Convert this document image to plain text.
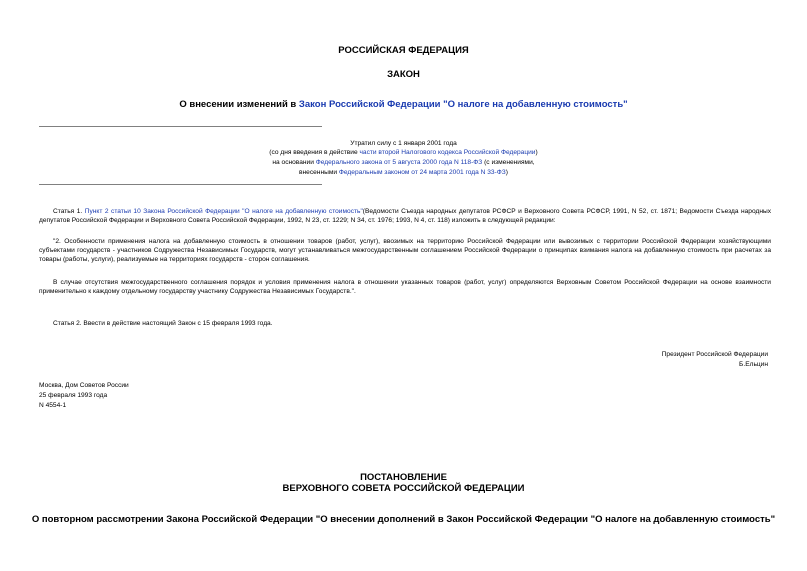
РОССИЙСКАЯ ФЕДЕРАЦИЯ
ЗАКОН
О внесении изменений в Закон Российской Федерации "О налоге на добавленную стоимость"
Утратил силу с 1 января 2001 года
(со дня введения в действие части второй Налогового кодекса Российской Федерации)
на основании Федерального закона от 5 августа 2000 года N 118-ФЗ (с изменениями,
внесенными Федеральным законом от 24 марта 2001 года N 33-ФЗ)
Статья 1. Пункт 2 статьи 10 Закона Российской Федерации "О налоге на добавленную стоимость"(Ведомости Съезда народных депутатов РСФСР и Верховного Совета РСФСР, 1991, N 52, ст. 1871; Ведомости Съезда народных депутатов Российской Федерации и Верховного Совета Российской Федерации, 1992, N 23, ст. 1229; N 34, ст. 1976; 1993, N 4, ст. 118) изложить в следующей редакции:
"2. Особенности применения налога на добавленную стоимость в отношении товаров (работ, услуг), ввозимых на территорию Российской Федерации или вывозимых с территории Российской Федерации хозяйствующими субъектами государств - участников Содружества Независимых Государств, могут устанавливаться межгосударственным соглашением Российской Федерации о принципах взимания налога на добавленную стоимость при расчетах за товары (работы, услуги), реализуемые на территориях государств - сторон соглашения.
В случае отсутствия межгосударственного соглашения порядок и условия применения налога в отношении указанных товаров (работ, услуг) определяются Верховным Советом Российской Федерации на основе взаимности применительно к каждому отдельному государству участнику Содружества Независимых Государств.".
Статья 2. Ввести в действие настоящий Закон с 15 февраля 1993 года.
Президент Российской Федерации
Б.Ельцин
Москва, Дом Советов России
25 февраля 1993 года
N 4554-1
ПОСТАНОВЛЕНИЕ
ВЕРХОВНОГО СОВЕТА РОССИЙСКОЙ ФЕДЕРАЦИИ
О повторном рассмотрении Закона Российской Федерации "О внесении дополнений в Закон Российской Федерации "О налоге на добавленную стоимость"
